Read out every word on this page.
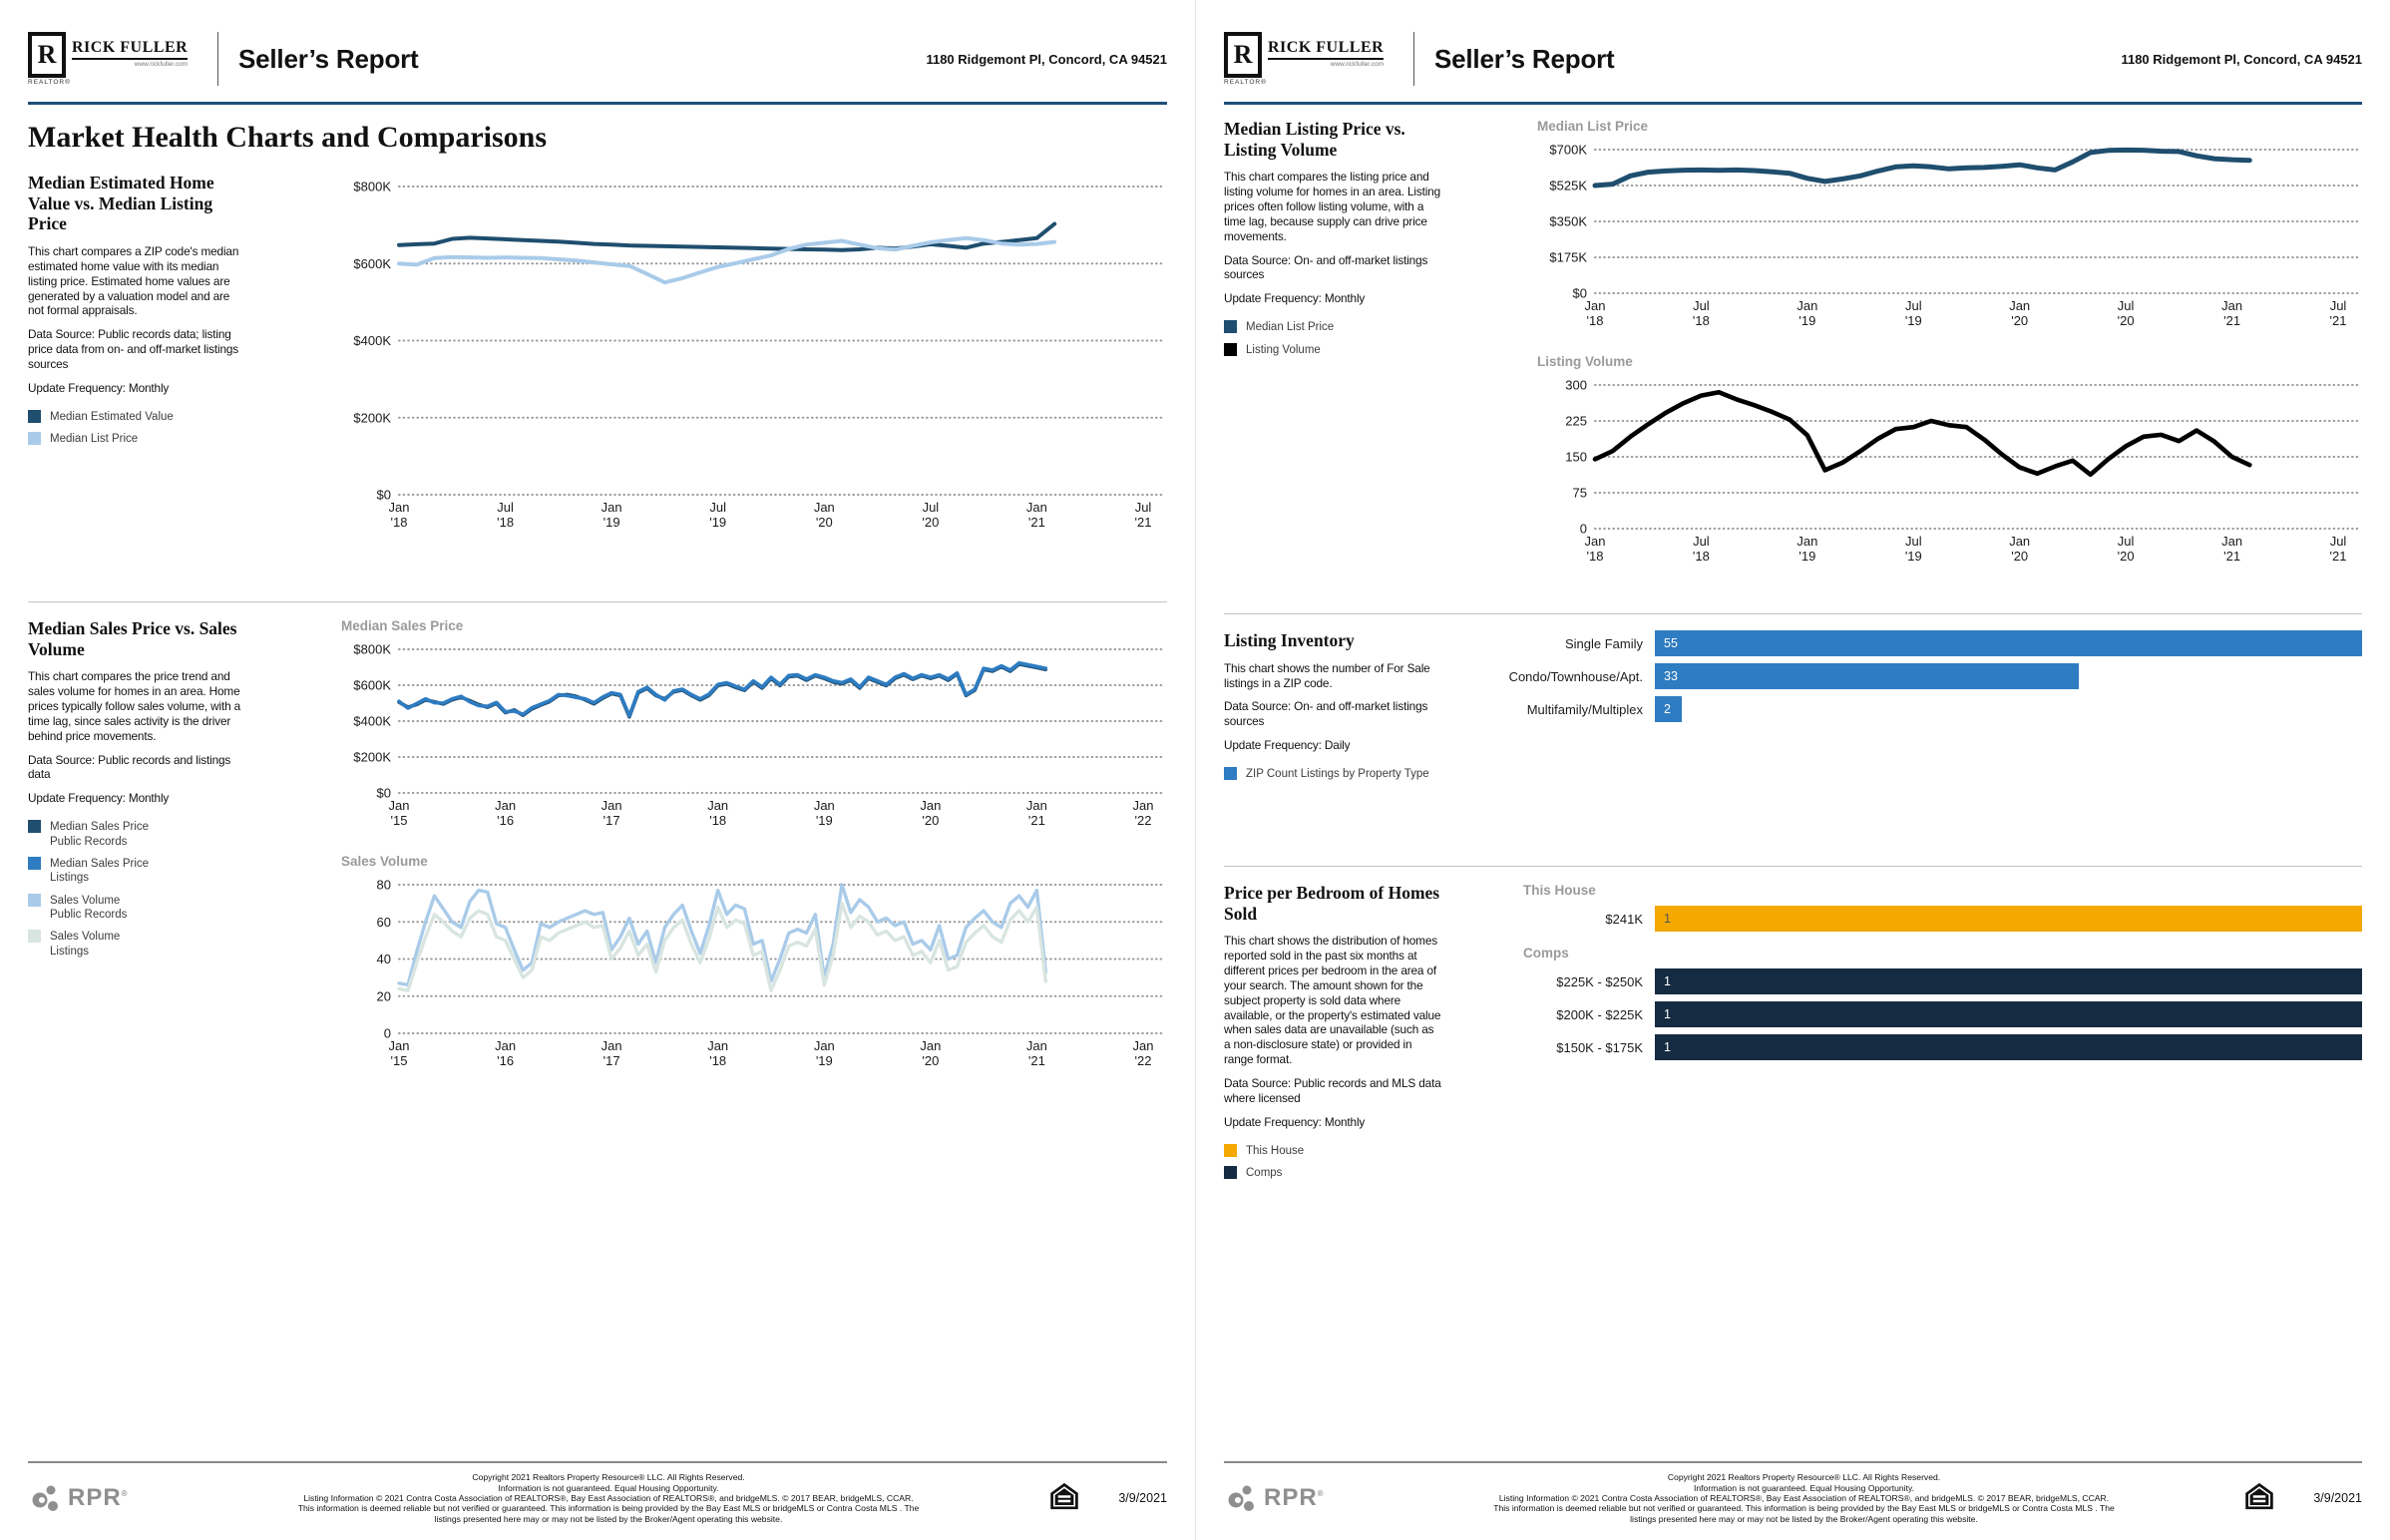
R RICK FULLER
www.rickfuller.com
REALTOR®
Seller’s Report	1180 Ridgemont Pl, Concord, CA 94521
Market Health Charts and Comparisons
Median Estimated Home Value vs. Median Listing Price

This chart compares a ZIP code's median estimated home value with its median listing price. Estimated home values are generated by a valuation model and are not formal appraisals.

Data Source: Public records data; listing price data from on- and off-market listings sources

Update Frequency: Monthly

Median Estimated Value
Median List Price
$800K
$600K
$400K
$200K
$0
Jan
'18
Jul
'18
Jan
'19
Jul
'19
Jan
'20
Jul
'20
Jan
'21
Jul
'21
Median Sales Price vs. Sales Volume

This chart compares the price trend and sales volume for homes in an area. Home prices typically follow sales volume, with a time lag, since sales activity is the driver behind price movements.

Data Source: Public records and listings data

Update Frequency: Monthly

Median Sales Price
Public Records
Median Sales Price
Listings
Sales Volume
Public Records
Sales Volume
Listings
Median Sales Price
$800K
$600K
$400K
$200K
$0
Jan
'15
Jan
'16
Jan
'17
Jan
'18
Jan
'19
Jan
'20
Jan
'21
Jan
'22
Sales Volume
80
60
40
20
0
Jan
'15
Jan
'16
Jan
'17
Jan
'18
Jan
'19
Jan
'20
Jan
'21
Jan
'22
RPR®
Copyright 2021 Realtors Property Resource® LLC. All Rights Reserved.
Information is not guaranteed. Equal Housing Opportunity.
Listing Information © 2021 Contra Costa Association of REALTORS®, Bay East Association of REALTORS®, and bridgeMLS. © 2017 BEAR, bridgeMLS, CCAR.
This information is deemed reliable but not verified or guaranteed. This information is being provided by the Bay East MLS or bridgeMLS or Contra Costa MLS . The
listings presented here may or may not be listed by the Broker/Agent operating this website.
3/9/2021
R RICK FULLER
www.rickfuller.com
REALTOR®
Seller’s Report	1180 Ridgemont Pl, Concord, CA 94521
Median Listing Price vs. Listing Volume

This chart compares the listing price and listing volume for homes in an area. Listing prices often follow listing volume, with a time lag, because supply can drive price movements.

Data Source: On- and off-market listings sources

Update Frequency: Monthly

Median List Price
Listing Volume
Median List Price
$700K
$525K
$350K
$175K
$0
Jan
'18
Jul
'18
Jan
'19
Jul
'19
Jan
'20
Jul
'20
Jan
'21
Jul
'21
Listing Volume
300
225
150
75
0
Jan
'18
Jul
'18
Jan
'19
Jul
'19
Jan
'20
Jul
'20
Jan
'21
Jul
'21
Listing Inventory

This chart shows the number of For Sale listings in a ZIP code.

Data Source: On- and off-market listings sources

Update Frequency: Daily

ZIP Count Listings by Property Type
Single Family	55
Condo/Townhouse/Apt.	33
Multifamily/Multiplex	2
Price per Bedroom of Homes Sold

This chart shows the distribution of homes reported sold in the past six months at different prices per bedroom in the area of your search. The amount shown for the subject property is sold data where available, or the property's estimated value when sales data are unavailable (such as a non-disclosure state) or provided in range format.

Data Source: Public records and MLS data where licensed

Update Frequency: Monthly

This House
Comps
This House
$241K	1
Comps
$225K - $250K	1
$200K - $225K	1
$150K - $175K	1
RPR®
Copyright 2021 Realtors Property Resource® LLC. All Rights Reserved.
Information is not guaranteed. Equal Housing Opportunity.
Listing Information © 2021 Contra Costa Association of REALTORS®, Bay East Association of REALTORS®, and bridgeMLS. © 2017 BEAR, bridgeMLS, CCAR.
This information is deemed reliable but not verified or guaranteed. This information is being provided by the Bay East MLS or bridgeMLS or Contra Costa MLS . The
listings presented here may or may not be listed by the Broker/Agent operating this website.
3/9/2021
